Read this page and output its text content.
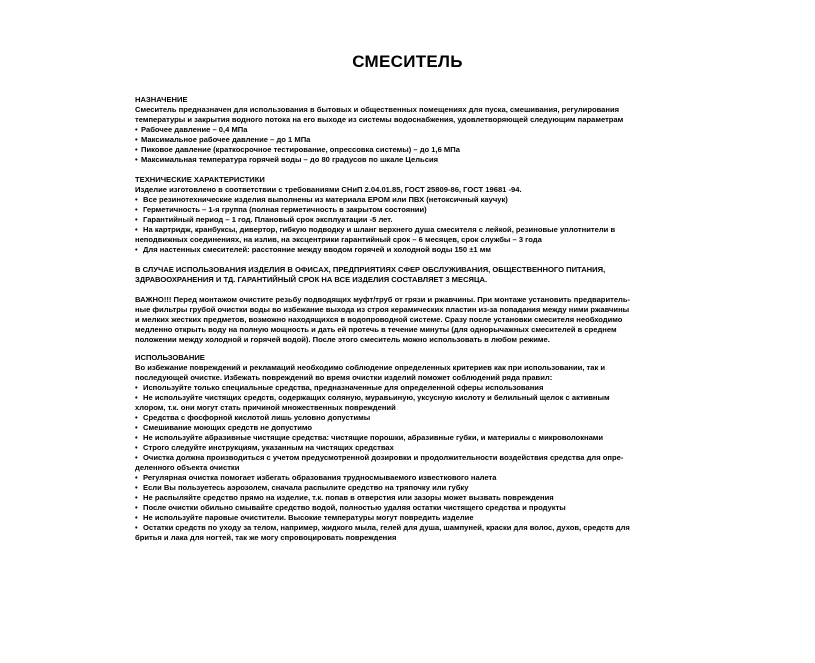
СМЕСИТЕЛЬ

НАЗНАЧЕНИЕ

Смеситель предназначен для использования в бытовых и общественных помещениях для пуска, смешивания, регулирования

температуры и закрытия водного потока на его выходе из системы водоснабжения, удовлетворяющей следующим параметрам

• Рабочее давление – 0,4 МПа

• Максимальное рабочее давление – до 1 МПа

• Пиковое давление (краткосрочное тестирование, опрессовка системы) – до 1,6 МПа

• Максимальная температура горячей воды – до 80 градусов по шкале Цельсия

ТЕХНИЧЕСКИЕ ХАРАКТЕРИСТИКИ

Изделие изготовлено в соответствии с требованиями СНиП 2.04.01.85, ГОСТ 25809-86, ГОСТ 19681 -94.

• Все резинотехнические изделия выполнены из материала EPOM или ПВХ (нетоксичный каучук)

• Герметичность – 1-я группа (полная герметичность в закрытом состоянии)

• Гарантийный период – 1 год. Плановый срок эксплуатации -5 лет.

• На картридж, кранбуксы, дивертор, гибкую подводку и шланг верхнего душа смесителя с лейкой, резиновые уплотнители в

неподвижных соединениях, на излив, на эксцентрики гарантийный срок – 6 месяцев, срок службы – 3 года

• Для настенных смесителей: расстояние между вводом горячей и холодной воды 150 ±1 мм

В СЛУЧАЕ ИСПОЛЬЗОВАНИЯ ИЗДЕЛИЯ В ОФИСАХ, ПРЕДПРИЯТИЯХ СФЕР ОБСЛУЖИВАНИЯ, ОБЩЕСТВЕННОГО ПИТАНИЯ,

ЗДРАВООХРАНЕНИЯ И ТД. ГАРАНТИЙНЫЙ СРОК НА ВСЕ ИЗДЕЛИЯ СОСТАВЛЯЕТ 3 МЕСЯЦА.

ВАЖНО!!! Перед монтажом очистите резьбу подводящих муфт/труб от грязи и ржавчины. При монтаже установить предваритель-

ные фильтры грубой очистки воды во избежание выхода из строя керамических пластин из-за попадания между ними ржавчины

и мелких жестких предметов, возможно находящихся в водопроводной системе. Сразу после установки смесителя необходимо

медленно открыть воду на полную мощность и дать ей протечь в течение минуты (для однорычажных смесителей в среднем

положении между холодной и горячей водой). После этого смеситель можно использовать в любом режиме.

ИСПОЛЬЗОВАНИЕ

Во избежание повреждений и рекламаций необходимо соблюдение определенных критериев как при использовании, так и

последующей очистке. Избежать повреждений во время очистки изделий поможет соблюдений ряда правил:

• Используйте только специальные средства, предназначенные для определенной сферы использования

• Не используйте чистящих средств, содержащих соляную, муравьиную, уксусную кислоту и белильный щелок с активным

хлором, т.к. они могут стать причиной множественных повреждений

• Средства с фосфорной кислотой лишь условно допустимы

• Смешивание моющих средств не допустимо

• Не используйте абразивные чистящие средства: чистящие порошки, абразивные губки, и материалы с микроволокнами

• Строго следуйте инструкциям, указанным на чистящих средствах

• Очистка должна производиться с учетом предусмотренной дозировки и продолжительности воздействия средства для опре-

деленного объекта очистки

• Регулярная очистка помогает избегать образования трудносмываемого известкового налета

• Если Вы пользуетесь аэрозолем, сначала распылите средство на тряпочку или губку

• Не распыляйте средство прямо на изделие, т.к. попав в отверстия или зазоры может вызвать повреждения

• После очистки обильно смывайте средство водой, полностью удаляя остатки чистящего средства и продукты

• Не используйте паровые очистители. Высокие температуры могут повредить изделие

• Остатки средств по уходу за телом, например, жидкого мыла, гелей для душа, шампуней, краски для волос, духов, средств для

бритья и лака для ногтей, так же могу спровоцировать повреждения
